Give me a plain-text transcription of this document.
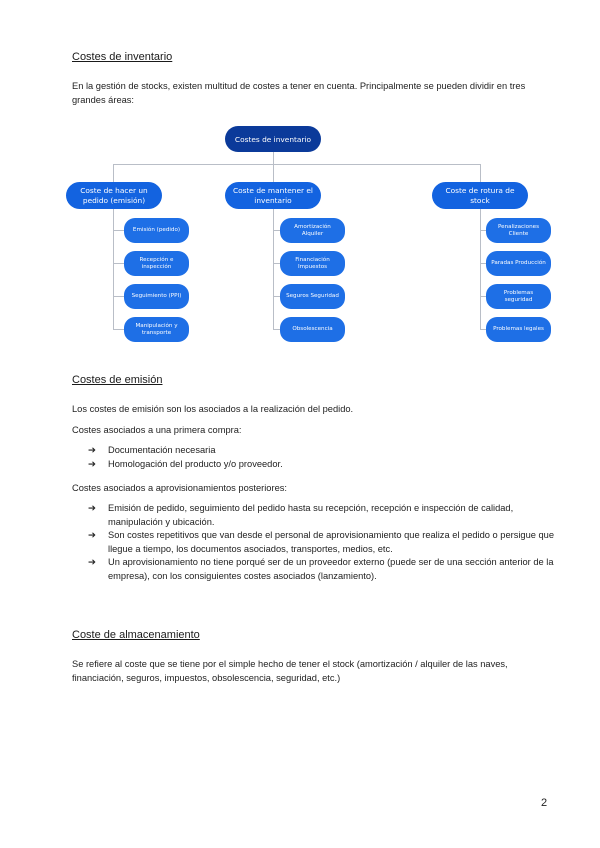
Costes de inventario
En la gestión de stocks, existen multitud de costes a tener en cuenta. Principalmente se pueden dividir en tres grandes áreas:
Costes de inventario
Coste de hacer un pedido (emisión)
Coste de mantener el inventario
Coste de rotura de stock
Emisión (pedido)
Recepción e inspección
Seguimiento (PPI)
Manipulación y transporte
Amortización Alquiler
Financiación Impuestos
Seguros Seguridad
Obsolescencia
Penalizaciones Cliente
Paradas Producción
Problemas seguridad
Problemas legales
Costes de emisión
Los costes de emisión son los asociados a la realización del pedido.
Costes asociados a una primera compra:
➔ Documentación necesaria
➔ Homologación del producto y/o proveedor.
Costes asociados a aprovisionamientos posteriores:
➔ Emisión de pedido, seguimiento del pedido hasta su recepción, recepción e inspección de calidad, manipulación y ubicación.
➔ Son costes repetitivos que van desde el personal de aprovisionamiento que realiza el pedido o persigue que llegue a tiempo, los documentos asociados, transportes, medios, etc.
➔ Un aprovisionamiento no tiene porqué ser de un proveedor externo (puede ser de una sección anterior de la empresa), con los consiguientes costes asociados (lanzamiento).
Coste de almacenamiento
Se refiere al coste que se tiene por el simple hecho de tener el stock (amortización / alquiler de las naves, financiación, seguros, impuestos, obsolescencia, seguridad, etc.)
2
